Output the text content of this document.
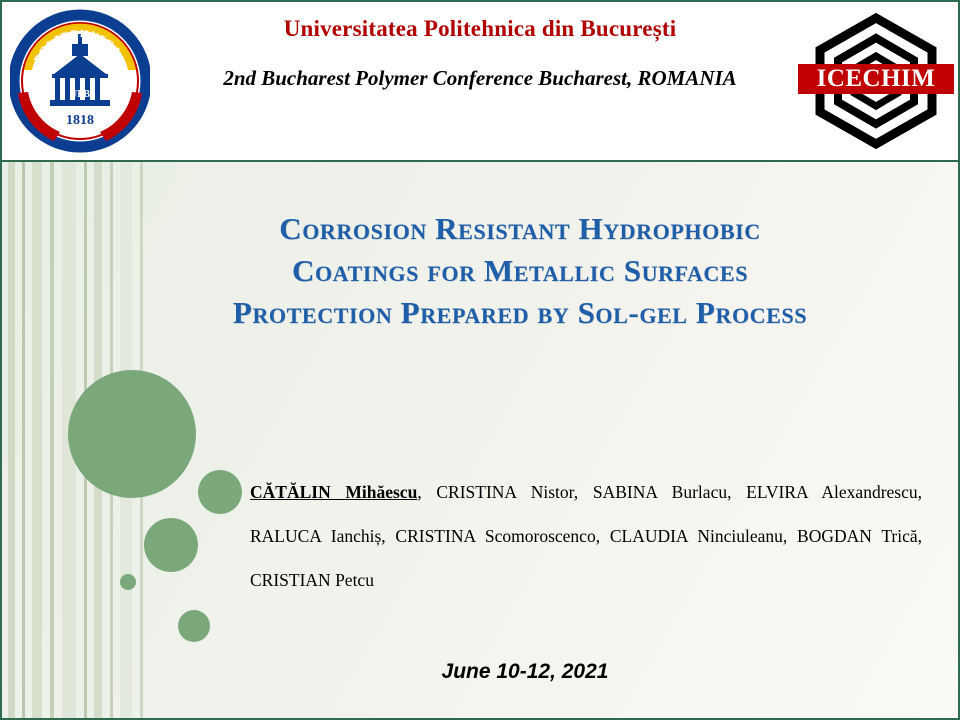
Universitatea Politehnica din București
2nd Bucharest Polymer Conference Bucharest, ROMANIA
UPB
1818
POLITEHNICA
ICECHIM
Corrosion Resistant Hydrophobic
Coatings for Metallic Surfaces
Protection Prepared by Sol-gel Process
CĂTĂLIN Mihăescu, CRISTINA Nistor, SABINA Burlacu, ELVIRA Alexandrescu, RALUCA Ianchiș, CRISTINA Scomoroscenco, CLAUDIA Ninciuleanu, BOGDAN Trică, CRISTIAN Petcu
June 10-12, 2021
